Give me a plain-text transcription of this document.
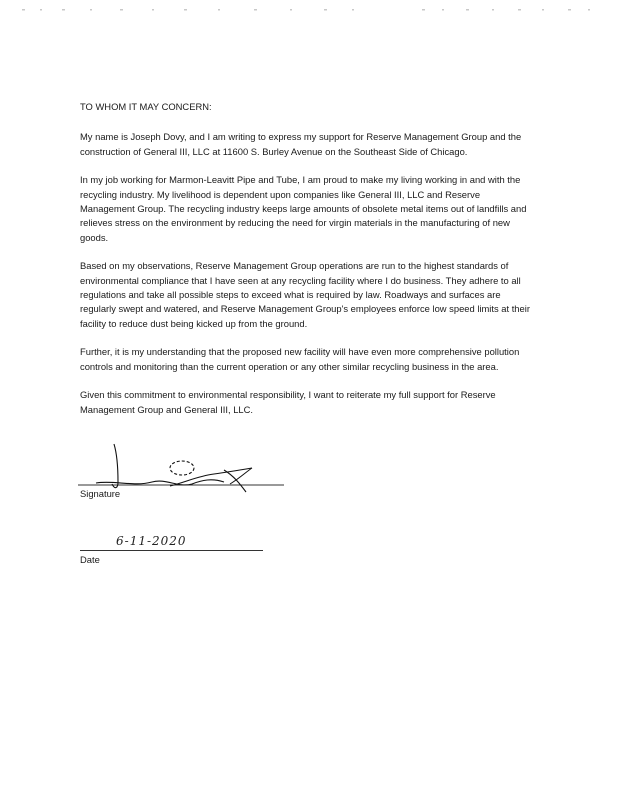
TO WHOM IT MAY CONCERN:

My name is Joseph Dovy, and I am writing to express my support for Reserve Management Group and the construction of General III, LLC at 11600 S. Burley Avenue on the Southeast Side of Chicago.

In my job working for Marmon-Leavitt Pipe and Tube, I am proud to make my living working in and with the recycling industry. My livelihood is dependent upon companies like General III, LLC and Reserve Management Group. The recycling industry keeps large amounts of obsolete metal items out of landfills and relieves stress on the environment by reducing the need for virgin materials in the manufacturing of new goods.

Based on my observations, Reserve Management Group operations are run to the highest standards of environmental compliance that I have seen at any recycling facility where I do business. They adhere to all regulations and take all possible steps to exceed what is required by law. Roadways and surfaces are regularly swept and watered, and Reserve Management Group's employees enforce low speed limits at their facility to reduce dust being kicked up from the ground.

Further, it is my understanding that the proposed new facility will have even more comprehensive pollution controls and monitoring than the current operation or any other similar recycling business in the area.

Given this commitment to environmental responsibility, I want to reiterate my full support for Reserve Management Group and General III, LLC.

Signature
6-11-2020
Date
